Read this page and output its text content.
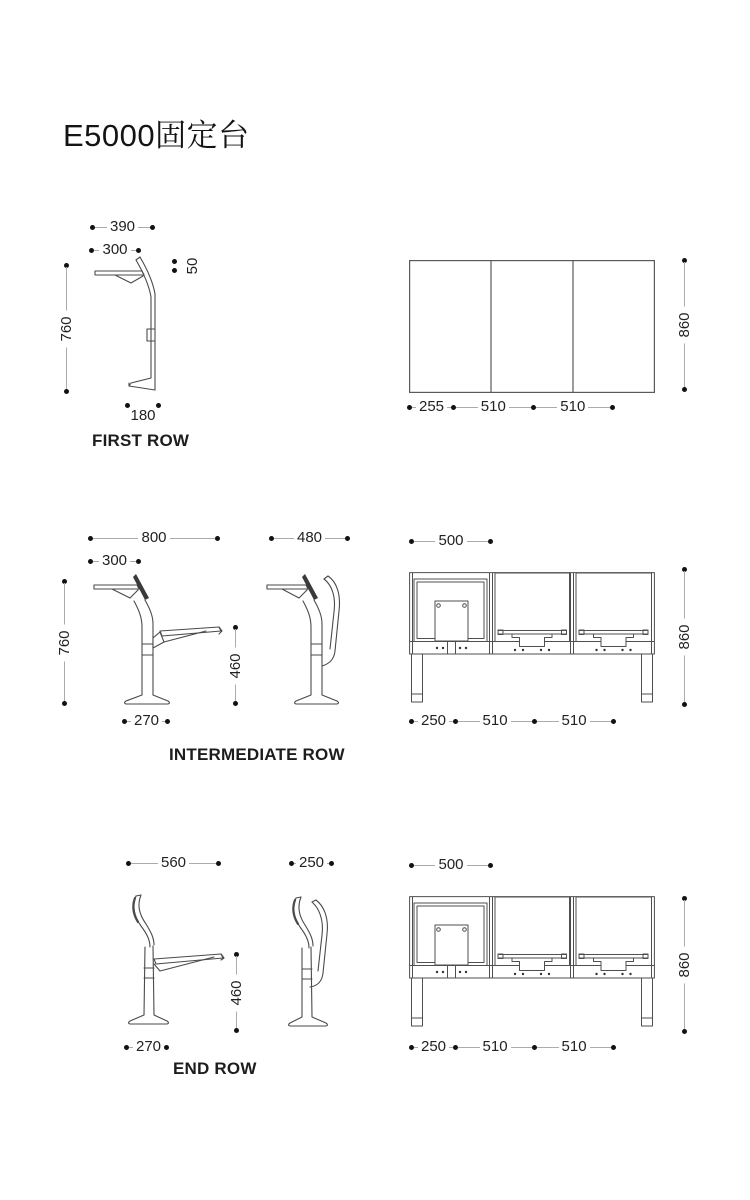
E5000固定台
390
300
50
760
180
FIRST ROW
860
255 510	510
800	480	500
300
760
460
270
INTERMEDIATE ROW
860
250 510	510
560	250	500
460
270
END ROW
860
250 510	510
